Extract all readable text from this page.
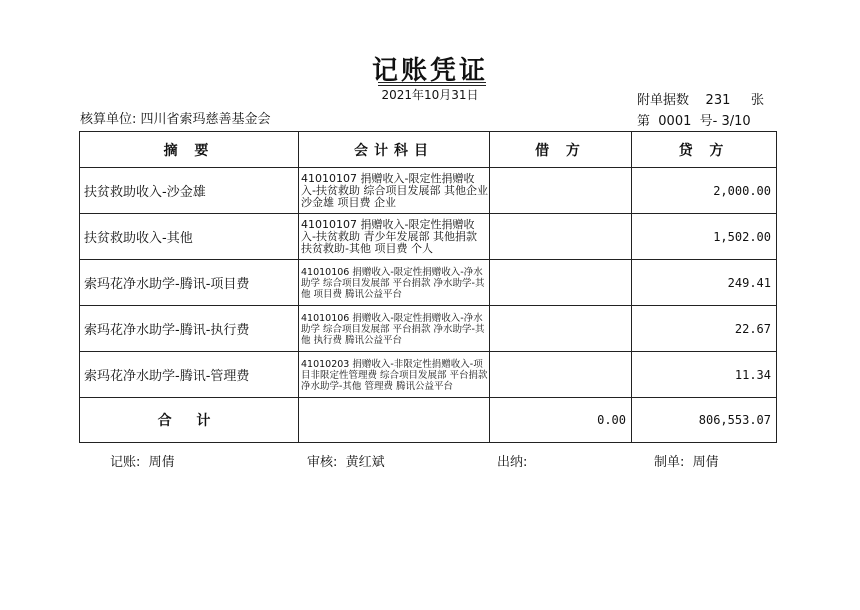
记账凭证
2021年10月31日	附单据数 231 张
核算单位: 四川省索玛慈善基金会	第 0001 号- 3/10
摘 要	会计科目	借 方	贷 方
扶贫救助收入-沙金雄	41010107 捐赠收入-限定性捐赠收入-扶贫救助 综合项目发展部 其他企业 沙金雄 项目费 企业		2,000.00
扶贫救助收入-其他	41010107 捐赠收入-限定性捐赠收入-扶贫救助 青少年发展部 其他捐款 扶贫救助-其他 项目费 个人		1,502.00
索玛花净水助学-腾讯-项目费	41010106 捐赠收入-限定性捐赠收入-净水助学 综合项目发展部 平台捐款 净水助学-其他 项目费 腾讯公益平台		249.41
索玛花净水助学-腾讯-执行费	41010106 捐赠收入-限定性捐赠收入-净水助学 综合项目发展部 平台捐款 净水助学-其他 执行费 腾讯公益平台		22.67
索玛花净水助学-腾讯-管理费	41010203 捐赠收入-非限定性捐赠收入-项目非限定性管理费 综合项目发展部 平台捐款 净水助学-其他 管理费 腾讯公益平台		11.34
合 计		0.00	806,553.07
记账: 周倩	审核: 黄红斌	出纳:	制单: 周倩
